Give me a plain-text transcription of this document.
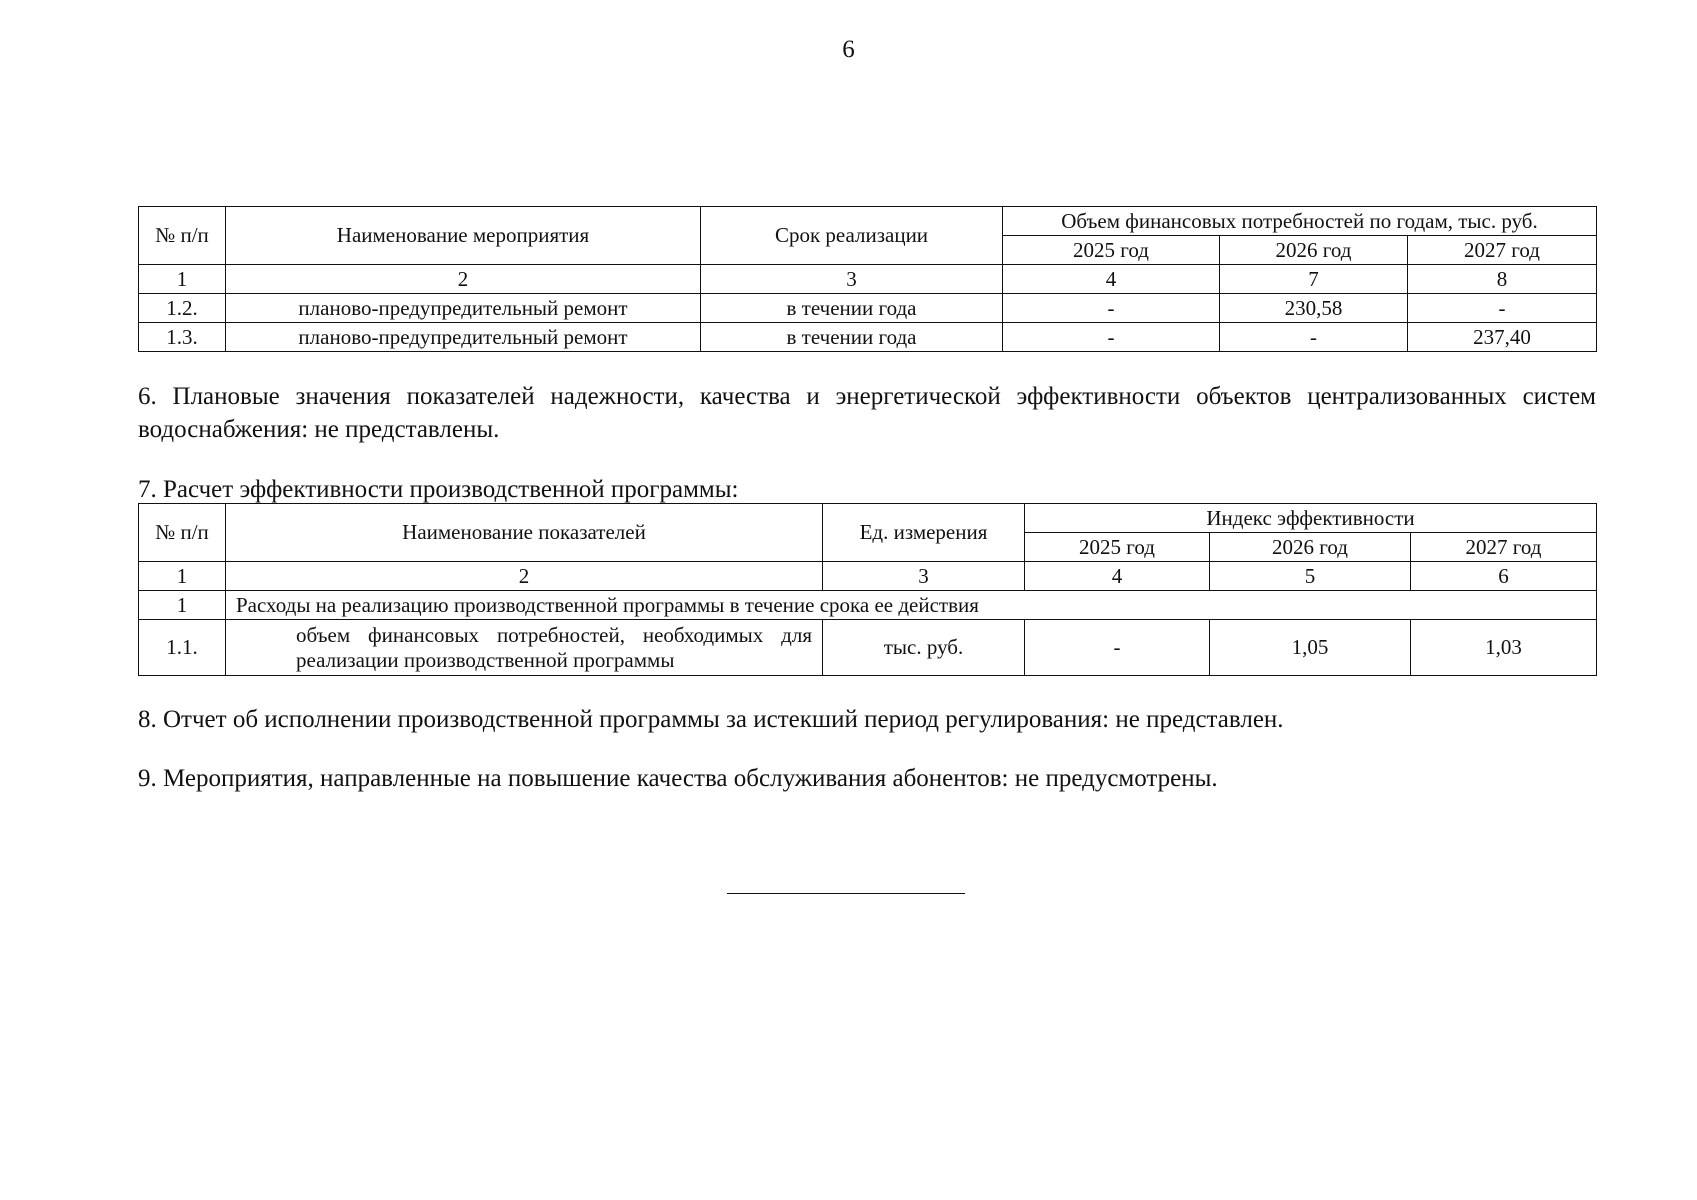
6
№ п/п	Наименование мероприятия	Срок реализации	Объем финансовых потребностей по годам, тыс. руб.		
			2025 год	2026 год	2027 год
1	2	3	4	7	8
1.2.	планово-предупредительный ремонт	в течении года	-	230,58	-
1.3.	планово-предупредительный ремонт	в течении года	-	-	237,40
6. Плановые значения показателей надежности, качества и энергетической эффективности объектов централизованных систем водоснабжения: не представлены.
7. Расчет эффективности производственной программы:
№ п/п	Наименование показателей	Ед. измерения	Индекс эффективности		
			2025 год	2026 год	2027 год
1	2	3	4	5	6
1	Расходы на реализацию производственной программы в течение срока ее действия				
1.1.	объем финансовых потребностей, необходимых для реализации производственной программы	тыс. руб.	-	1,05	1,03
8. Отчет об исполнении производственной программы за истекший период регулирования: не представлен.
9. Мероприятия, направленные на повышение качества обслуживания абонентов: не предусмотрены.
